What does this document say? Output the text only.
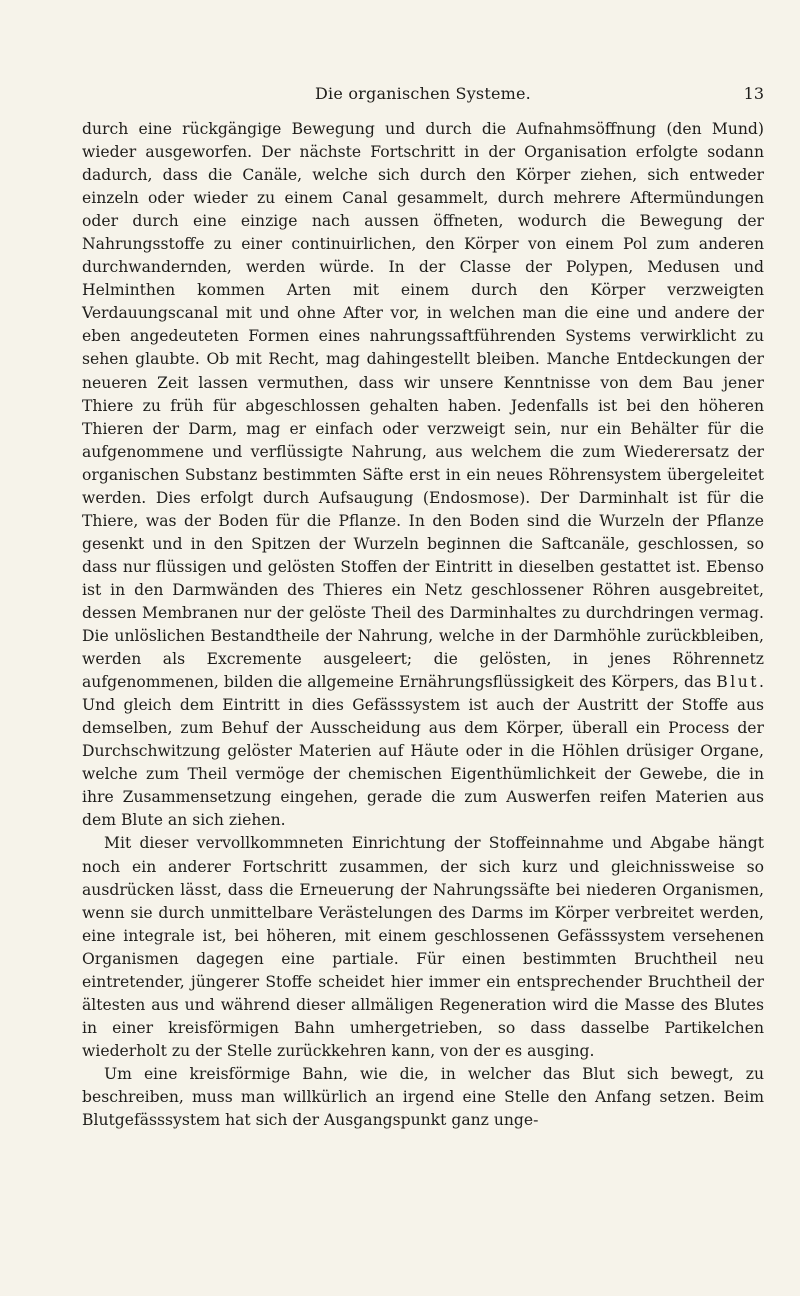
Die organischen Systeme.	13

durch eine rückgängige Bewegung und durch die Aufnahmsöffnung (den Mund) wieder ausgeworfen. Der nächste Fortschritt in der Organisation erfolgte sodann dadurch, dass die Canäle, welche sich durch den Körper ziehen, sich entweder einzeln oder wieder zu einem Canal gesammelt, durch mehrere Aftermündungen oder durch eine einzige nach aussen öffneten, wodurch die Bewegung der Nahrungsstoffe zu einer continuirlichen, den Körper von einem Pol zum anderen durchwandernden, werden würde. In der Classe der Polypen, Medusen und Helminthen kommen Arten mit einem durch den Körper verzweigten Verdauungscanal mit und ohne After vor, in welchen man die eine und andere der eben angedeuteten Formen eines nahrungssaftführenden Systems verwirklicht zu sehen glaubte. Ob mit Recht, mag dahingestellt bleiben. Manche Entdeckungen der neueren Zeit lassen vermuthen, dass wir unsere Kenntnisse von dem Bau jener Thiere zu früh für abgeschlossen gehalten haben. Jedenfalls ist bei den höheren Thieren der Darm, mag er einfach oder verzweigt sein, nur ein Behälter für die aufgenommene und verflüssigte Nahrung, aus welchem die zum Wiederersatz der organischen Substanz bestimmten Säfte erst in ein neues Röhrensystem übergeleitet werden. Dies erfolgt durch Aufsaugung (Endosmose). Der Darminhalt ist für die Thiere, was der Boden für die Pflanze. In den Boden sind die Wurzeln der Pflanze gesenkt und in den Spitzen der Wurzeln beginnen die Saftcanäle, geschlossen, so dass nur flüssigen und gelösten Stoffen der Eintritt in dieselben gestattet ist. Ebenso ist in den Darmwänden des Thieres ein Netz geschlossener Röhren ausgebreitet, dessen Membranen nur der gelöste Theil des Darminhaltes zu durchdringen vermag. Die unlöslichen Bestandtheile der Nahrung, welche in der Darmhöhle zurückbleiben, werden als Excremente ausgeleert; die gelösten, in jenes Röhrennetz aufgenommenen, bilden die allgemeine Ernährungsflüssigkeit des Körpers, das Blut. Und gleich dem Eintritt in dies Gefässsystem ist auch der Austritt der Stoffe aus demselben, zum Behuf der Ausscheidung aus dem Körper, überall ein Process der Durchschwitzung gelöster Materien auf Häute oder in die Höhlen drüsiger Organe, welche zum Theil vermöge der chemischen Eigenthümlichkeit der Gewebe, die in ihre Zusammensetzung eingehen, gerade die zum Auswerfen reifen Materien aus dem Blute an sich ziehen.

Mit dieser vervollkommneten Einrichtung der Stoffeinnahme und Abgabe hängt noch ein anderer Fortschritt zusammen, der sich kurz und gleichnissweise so ausdrücken lässt, dass die Erneuerung der Nahrungssäfte bei niederen Organismen, wenn sie durch unmittelbare Verästelungen des Darms im Körper verbreitet werden, eine integrale ist, bei höheren, mit einem geschlossenen Gefässsystem versehenen Organismen dagegen eine partiale. Für einen bestimmten Bruchtheil neu eintretender, jüngerer Stoffe scheidet hier immer ein entsprechender Bruchtheil der ältesten aus und während dieser allmäligen Regeneration wird die Masse des Blutes in einer kreisförmigen Bahn umhergetrieben, so dass dasselbe Partikelchen wiederholt zu der Stelle zurückkehren kann, von der es ausging.

Um eine kreisförmige Bahn, wie die, in welcher das Blut sich bewegt, zu beschreiben, muss man willkürlich an irgend eine Stelle den Anfang setzen. Beim Blutgefässsystem hat sich der Ausgangspunkt ganz unge-
